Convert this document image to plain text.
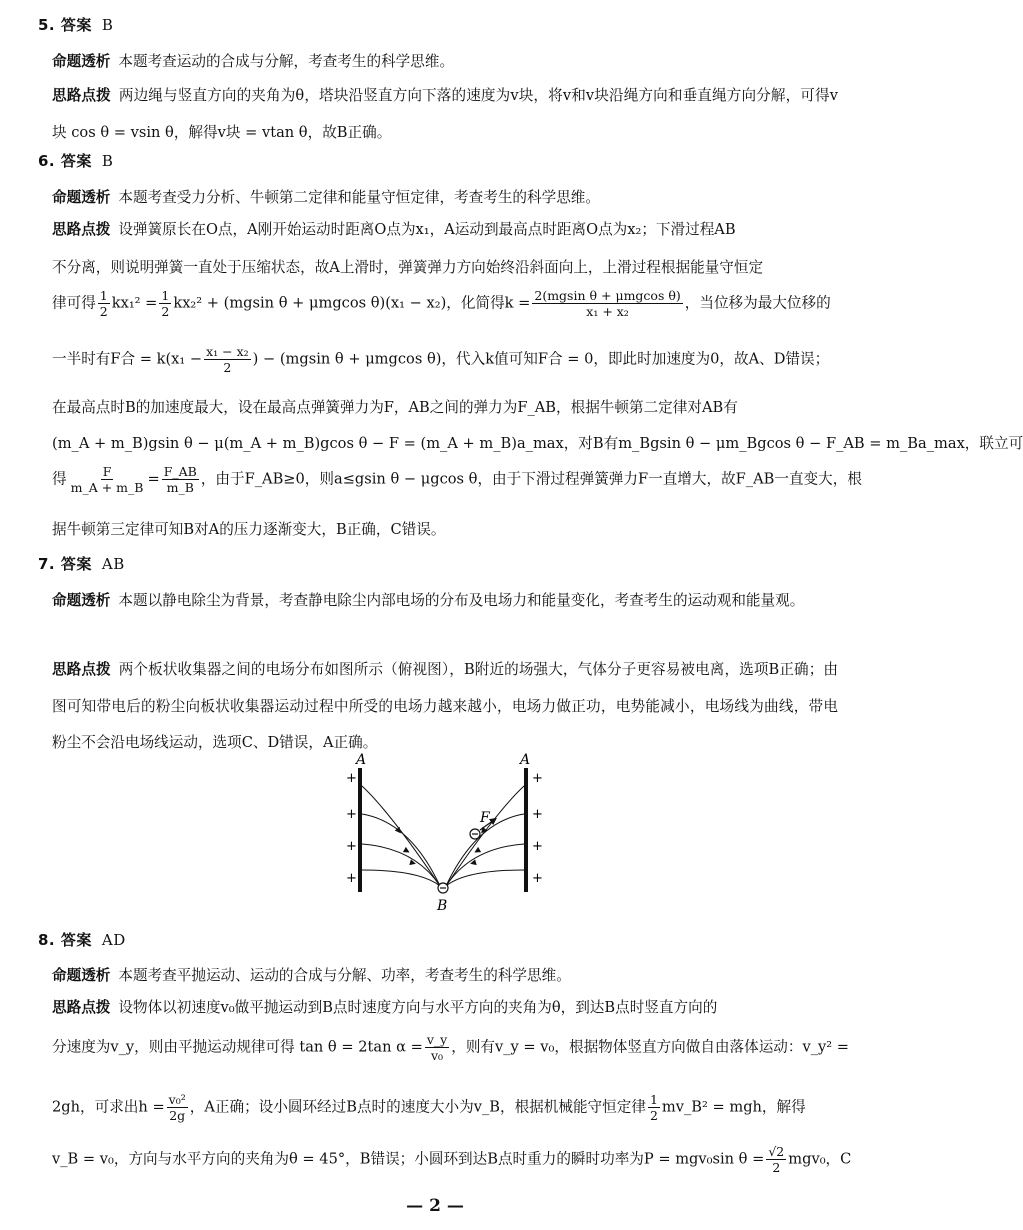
5. 答案 B
命题透析 本题考查运动的合成与分解，考查考生的科学思维。
思路点拨 两边绳与竖直方向的夹角为θ，塔块沿竖直方向下落的速度为v块，将v和v块沿绳方向和垂直绳方向分解，可得v块 cos θ = vsin θ，解得v块 = vtan θ，故B正确。
6. 答案 B
命题透析 本题考查受力分析、牛顿第二定律和能量守恒定律，考查考生的科学思维。
思路点拨 设弹簧原长在O点，A刚开始运动时距离O点为x₁，A运动到最高点时距离O点为x₂；下滑过程AB
不分离，则说明弹簧一直处于压缩状态，故A上滑时，弹簧弹力方向始终沿斜面向上，上滑过程根据能量守恒定
律可得 $\frac{1}{2} kx_1^2 = \frac{1}{2} kx_2^2 + (mgsin$ θ + μmgcos θ)(x₁ − x₂)，化简得$k = \frac{\text{2(mgsin θ + μmgcos θ)}}{\text{x₁ + x₂}}$ ，当位移为最大位移的
一半时有F合 = $k(x_1 - \frac{\text{x₁ − x₂}}{2}$ ) − (mgsin θ + μmgcos θ)，代入k值可知F合 = 0，即此时加速度为0，故A、D错误；
在最高点时B的加速度最大，设在最高点弹簧弹力为F，AB之间的弹力为F_AB，根据牛顿第二定律对AB有
(m_A + m_B)gsin θ − μ(m_A + m_B)gcos θ − F = (m_A + m_B)a_max，对B有m_Bgsin θ − μm_Bgcos θ − F_AB = m_Ba_max，联立可
得 $\frac{F}{m\_A + m\_B} = \frac{F\_AB}{m\_B}$ ，由于F_AB≥0，则a≤gsin θ − μgcos θ，由于下滑过程弹簧弹力F一直增大，故F_AB一直变大，根
据牛顿第三定律可知B对A的压力逐渐变大，B正确，C错误。
7. 答案 AB
命题透析 本题以静电除尘为背景，考查静电除尘内部电场的分布及电场力和能量变化，考查考生的运动观和能量观。
思路点拨 两个板状收集器之间的电场分布如图所示（俯视图），B附近的场强大，气体分子更容易被电离，选项B正确；由图可知带电后的粉尘向板状收集器运动过程中所受的电场力越来越小，电场力做正功，电势能减小，电场线为曲线，带电粉尘不会沿电场线运动，选项C、D错误，A正确。
A	A
B
F
+
+
+
+
+
+
+
+
8. 答案 AD
命题透析 本题考查平抛运动、运动的合成与分解、功率，考查考生的科学思维。
思路点拨 设物体以初速度v₀做平抛运动到B点时速度方向与水平方向的夹角为θ，到达B点时竖直方向的
分速度为v_y，则由平抛运动规律可得 tan θ = 2tan $\alpha = \frac{v\_y}{\text{v₀}}$ ，则有v_y = v₀，根据物体竖直方向做自由落体运动：v_y² =
2gh，可求出$h = \frac{\text{v₀²}}{2g}$ ，A正确；设小圆环经过B点时的速度大小为v_B，根据机械能守恒定律 $\frac{1}{2}$ mv_B² = mgh，解得
v_B = v₀，方向与水平方向的夹角为θ = 45°，B错误；小圆环到达B点时重力的瞬时功率为P = mgv₀sin $\theta = \frac{√2}{2} mgv_0$，C
— 2 —
